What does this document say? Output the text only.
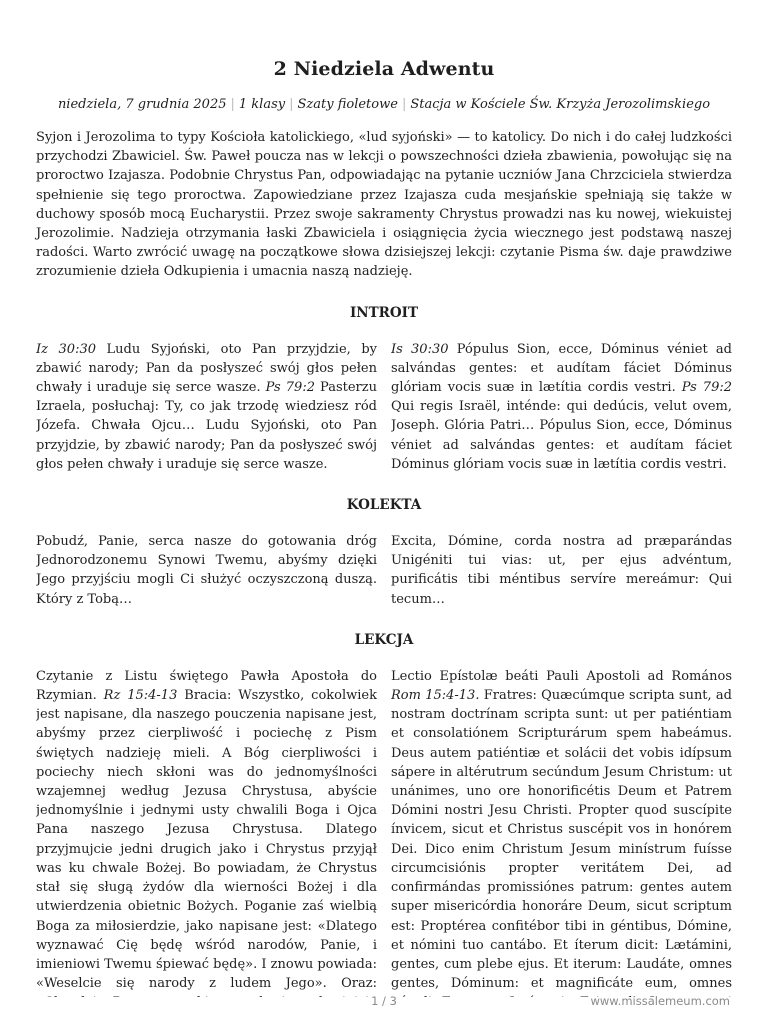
2 Niedziela Adwentu
niedziela, 7 grudnia 2025 | 1 klasy | Szaty fioletowe | Stacja w Kościele Św. Krzyża Jerozolimskiego

Syjon i Jerozolima to typy Kościoła katolickiego, «lud syjoński» — to katolicy. Do nich i do całej ludzkości przychodzi Zbawiciel. Św. Paweł poucza nas w lekcji o powszechności dzieła zbawienia, powołując się na proroctwo Izajasza. Podobnie Chrystus Pan, odpowiadając na pytanie uczniów Jana Chrzciciela stwierdza spełnienie się tego proroctwa. Zapowiedziane przez Izajasza cuda mesjańskie spełniają się także w duchowy sposób mocą Eucharystii. Przez swoje sakramenty Chrystus prowadzi nas ku nowej, wiekuistej Jerozolimie. Nadzieja otrzymania łaski Zbawiciela i osiągnięcia życia wiecznego jest podstawą naszej radości. Warto zwrócić uwagę na początkowe słowa dzisiejszej lekcji: czytanie Pisma św. daje prawdziwe zrozumienie dzieła Odkupienia i umacnia naszą nadzieję.

INTROIT
Iz 30:30 Ludu Syjoński, oto Pan przyjdzie, by zbawić narody; Pan da posłyszeć swój głos pełen chwały i uraduje się serce wasze. Ps 79:2 Pasterzu Izraela, posłuchaj: Ty, co jak trzodę wiedziesz ród Józefa. Chwała Ojcu… Ludu Syjoński, oto Pan przyjdzie, by zbawić narody; Pan da posłyszeć swój głos pełen chwały i uraduje się serce wasze.
Is 30:30 Pópulus Sion, ecce, Dóminus véniet ad salvándas gentes: et audítam fáciet Dóminus glóriam vocis suæ in lætítia cordis vestri. Ps 79:2 Qui regis Israël, inténde: qui dedúcis, velut ovem, Joseph. Glória Patri… Pópulus Sion, ecce, Dóminus véniet ad salvándas gentes: et audítam fáciet Dóminus glóriam vocis suæ in lætítia cordis vestri.
KOLEKTA
Pobudź, Panie, serca nasze do gotowania dróg Jednorodzonemu Synowi Twemu, abyśmy dzięki Jego przyjściu mogli Ci służyć oczyszczoną duszą. Który z Tobą…
Excita, Dómine, corda nostra ad præparándas Unigéniti tui vias: ut, per ejus advéntum, purificátis tibi méntibus servíre mereámur: Qui tecum…
LEKCJA
Czytanie z Listu świętego Pawła Apostoła do Rzymian. Rz 15:4-13 Bracia: Wszystko, cokolwiek jest napisane, dla naszego pouczenia napisane jest, abyśmy przez cierpliwość i pociechę z Pism świętych nadzieję mieli. A Bóg cierpliwości i pociechy niech skłoni was do jednomyślności wzajemnej według Jezusa Chrystusa, abyście jednomyślnie i jednymi usty chwalili Boga i Ojca Pana naszego Jezusa Chrystusa. Dlatego przyjmujcie jedni drugich jako i Chrystus przyjął was ku chwale Bożej. Bo powiadam, że Chrystus stał się sługą żydów dla wierności Bożej i dla utwierdzenia obietnic Bożych. Poganie zaś wielbią Boga za miłosierdzie, jako napisane jest: «Dlatego wyznawać Cię będę wśród narodów, Panie, i imieniowi Twemu śpiewać będę». I znowu powiada: «Weselcie się narody z ludem Jego». Oraz:
Lectio Epístolæ beáti Pauli Apostoli ad Romános Rom 15:4-13. Fratres: Quæcúmque scripta sunt, ad nostram doctrínam scripta sunt: ut per patiéntiam et consolatiónem Scripturárum spem habeámus. Deus autem patiéntiæ et solácii det vobis idípsum sápere in altérutrum secúndum Jesum Christum: ut unánimes, uno ore honorificétis Deum et Patrem Dómini nostri Jesu Christi. Propter quod suscípite ínvicem, sicut et Christus suscépit vos in honórem Dei. Dico enim Christum Jesum minístrum fuísse circumcisiónis propter veritátem Dei, ad confirmándas promissiónes patrum: gentes autem super misericórdia honoráre Deum, sicut scriptum est: Proptérea confitébor tibi in géntibus, Dómine, et nómini tuo cantábo. Et íterum dicit: Lætámini, gentes, cum plebe ejus. Et iterum: Laudáte, omnes gentes, Dóminum: et magnificáte eum, omnes
1 / 3	www.missalemeum.com
